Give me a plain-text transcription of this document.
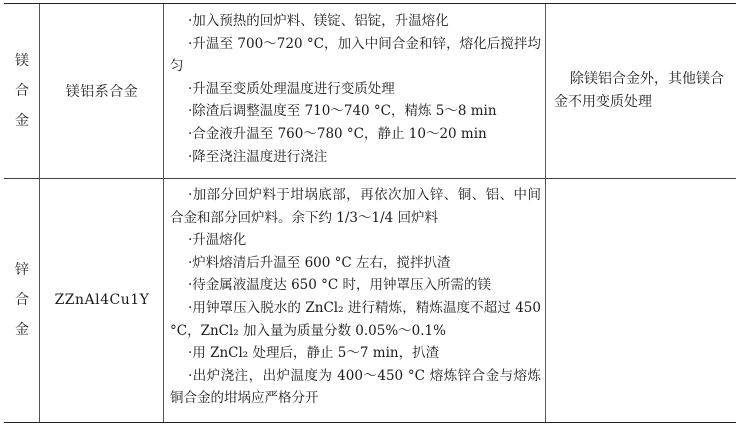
镁
合
金
镁铝系合金
·加入预热的回炉料、镁锭、铝锭，升温熔化
·升温至 700～720 °C，加入中间合金和锌，熔化后搅拌均匀
·升温至变质处理温度进行变质处理
·除渣后调整温度至 710～740 °C，精炼 5～8 min
·合金液升温至 760～780 °C，静止 10～20 min
·降至浇注温度进行浇注
除镁铝合金外，其他镁合金不用变质处理
锌
合
金
ZZnAl4Cu1Y
·加部分回炉料于坩埚底部，再依次加入锌、铜、铝、中间合金和部分回炉料。余下约 1/3～1/4 回炉料
·升温熔化
·炉料熔清后升温至 600 °C 左右，搅拌扒渣
·待金属液温度达 650 °C 时，用钟罩压入所需的镁
·用钟罩压入脱水的 ZnCl₂ 进行精炼，精炼温度不超过 450 °C，ZnCl₂ 加入量为质量分数 0.05%～0.1%
·用 ZnCl₂ 处理后，静止 5～7 min，扒渣
·出炉浇注，出炉温度为 400～450 °C 熔炼锌合金与熔炼铜合金的坩埚应严格分开
